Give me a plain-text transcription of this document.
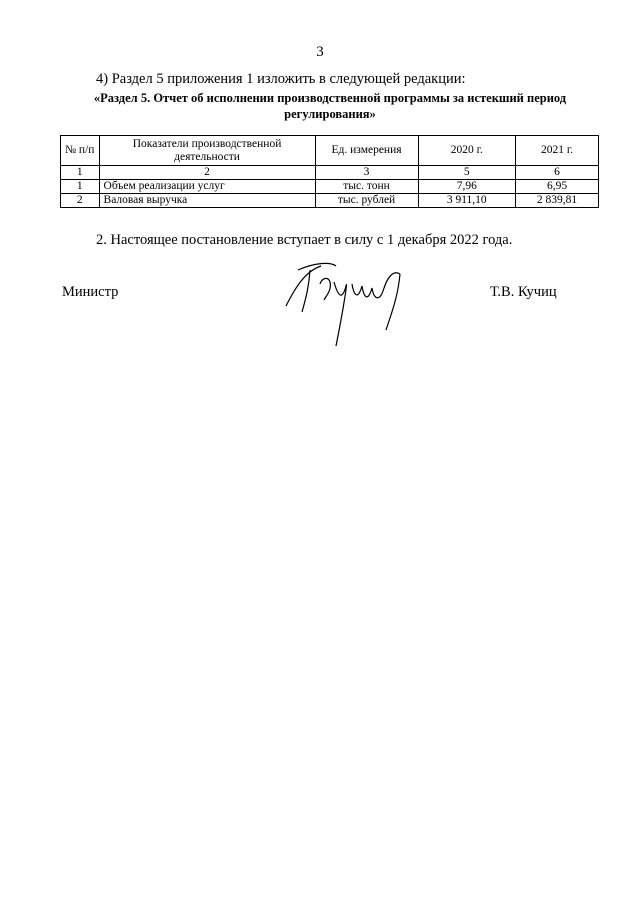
3
4) Раздел 5 приложения 1 изложить в следующей редакции:
«Раздел 5. Отчет об исполнении производственной программы за истекший период регулирования»
№ п/п	Показатели производственной деятельности	Ед. измерения	2020 г.	2021 г.
1	2	3	5	6
1	Объем реализации услуг	тыс. тонн	7,96	6,95
2	Валовая выручка	тыс. рублей	3 911,10	2 839,81
2. Настоящее постановление вступает в силу с 1 декабря 2022 года.
Министр	Т.В. Кучиц
